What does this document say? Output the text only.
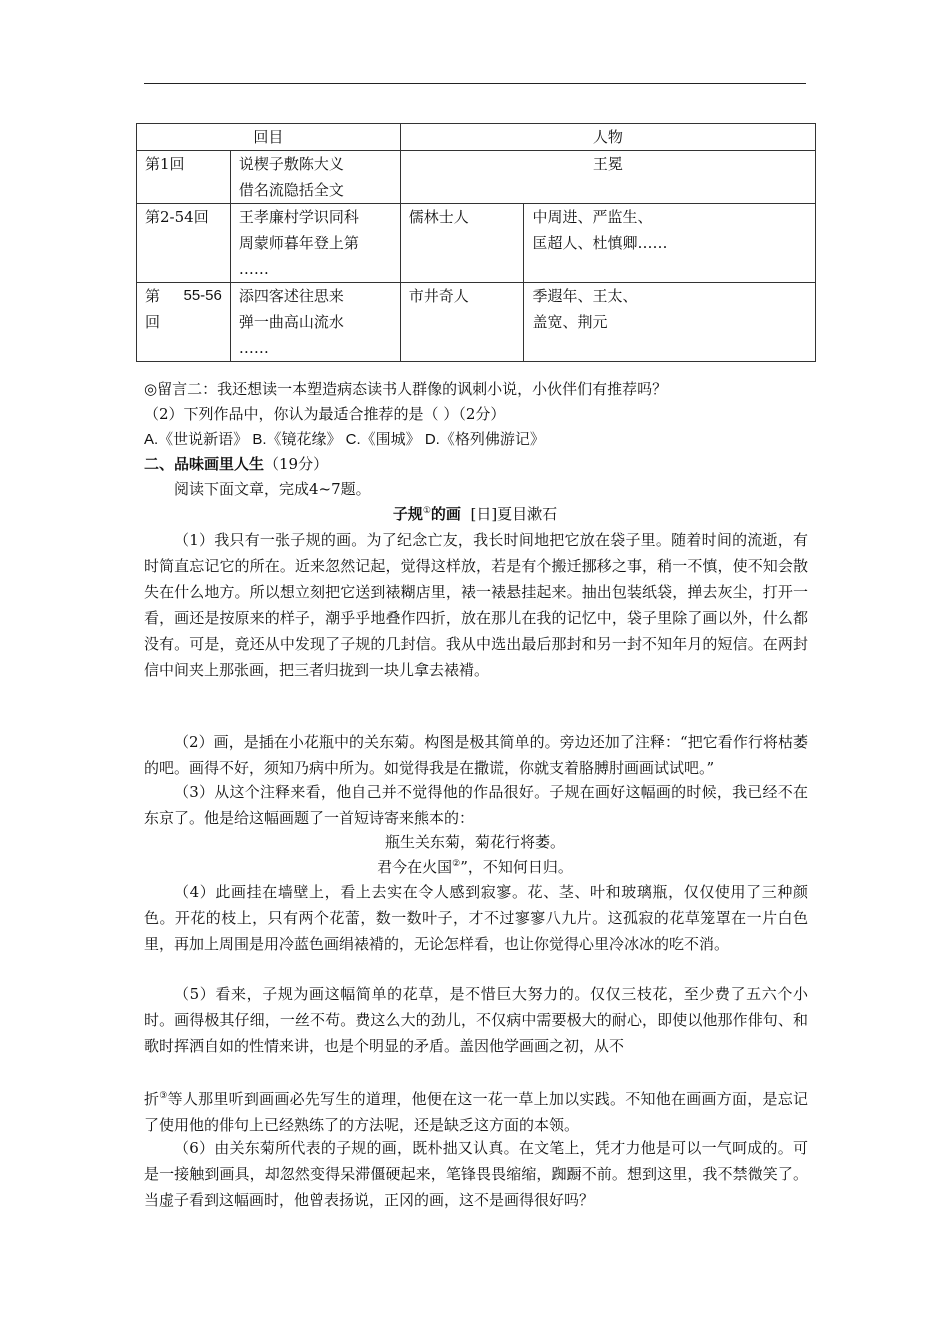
回目		人物	
第1回	说楔子敷陈大义
借名流隐括全文	王冕	
第2-54回	王孝廉村学识同科
周蒙师暮年登上第
……	儒林士人	中周进、严监生、
匡超人、杜慎卿……

第 55-56
回	添四客述往思来
弹一曲高山流水
……	市井奇人	季遐年、王太、
盖宽、荆元
◎留言二：我还想读一本塑造病态读书人群像的讽刺小说，小伙伴们有推荐吗？
（2）下列作品中，你认为最适合推荐的是（ ）（2分）
A.《世说新语》 B.《镜花缘》 C.《围城》 D.《格列佛游记》
二、品味画里人生（19分）
阅读下面文章，完成4~7题。
子规①的画 [日]夏目漱石

（1）我只有一张子规的画。为了纪念亡友，我长时间地把它放在袋子里。随着时间的流逝，有时简直忘记它的所在。近来忽然记起，觉得这样放，若是有个搬迁挪移之事，稍一不慎，使不知会散失在什么地方。所以想立刻把它送到裱糊店里，裱一裱悬挂起来。抽出包装纸袋，掸去灰尘，打开一看，画还是按原来的样子，潮乎乎地叠作四折，放在那儿在我的记忆中，袋子里除了画以外，什么都没有。可是，竟还从中发现了子规的几封信。我从中选出最后那封和另一封不知年月的短信。在两封信中间夹上那张画，把三者归拢到一块儿拿去裱褙。

（2）画，是插在小花瓶中的关东菊。构图是极其简单的。旁边还加了注释：“把它看作行将枯萎的吧。画得不好，须知乃病中所为。如觉得我是在撒谎，你就支着胳膊肘画画试试吧。”

（3）从这个注释来看，他自己并不觉得他的作品很好。子规在画好这幅画的时候，我已经不在东京了。他是给这幅画题了一首短诗寄来熊本的：

瓶生关东菊，菊花行将萎。
君今在火国②”，不知何日归。

（4）此画挂在墙壁上，看上去实在令人感到寂寥。花、茎、叶和玻璃瓶，仅仅使用了三种颜色。开花的枝上，只有两个花蕾，数一数叶子，才不过寥寥八九片。这孤寂的花草笼罩在一片白色里，再加上周围是用冷蓝色画绢裱褙的，无论怎样看，也让你觉得心里冷冰冰的吃不消。

（5）看来，子规为画这幅简单的花草，是不惜巨大努力的。仅仅三枝花，至少费了五六个小时。画得极其仔细，一丝不苟。费这么大的劲儿，不仅病中需要极大的耐心，即使以他那作俳句、和歌时挥洒自如的性情来讲，也是个明显的矛盾。盖因他学画画之初，从不

折③等人那里听到画画必先写生的道理，他便在这一花一草上加以实践。不知他在画画方面，是忘记了使用他的俳句上已经熟练了的方法呢，还是缺乏这方面的本领。

（6）由关东菊所代表的子规的画，既朴拙又认真。在文笔上，凭才力他是可以一气呵成的。可是一接触到画具，却忽然变得呆滞僵硬起来，笔锋畏畏缩缩，踟蹰不前。想到这里，我不禁微笑了。当虚子看到这幅画时，他曾表扬说，正冈的画，这不是画得很好吗？
